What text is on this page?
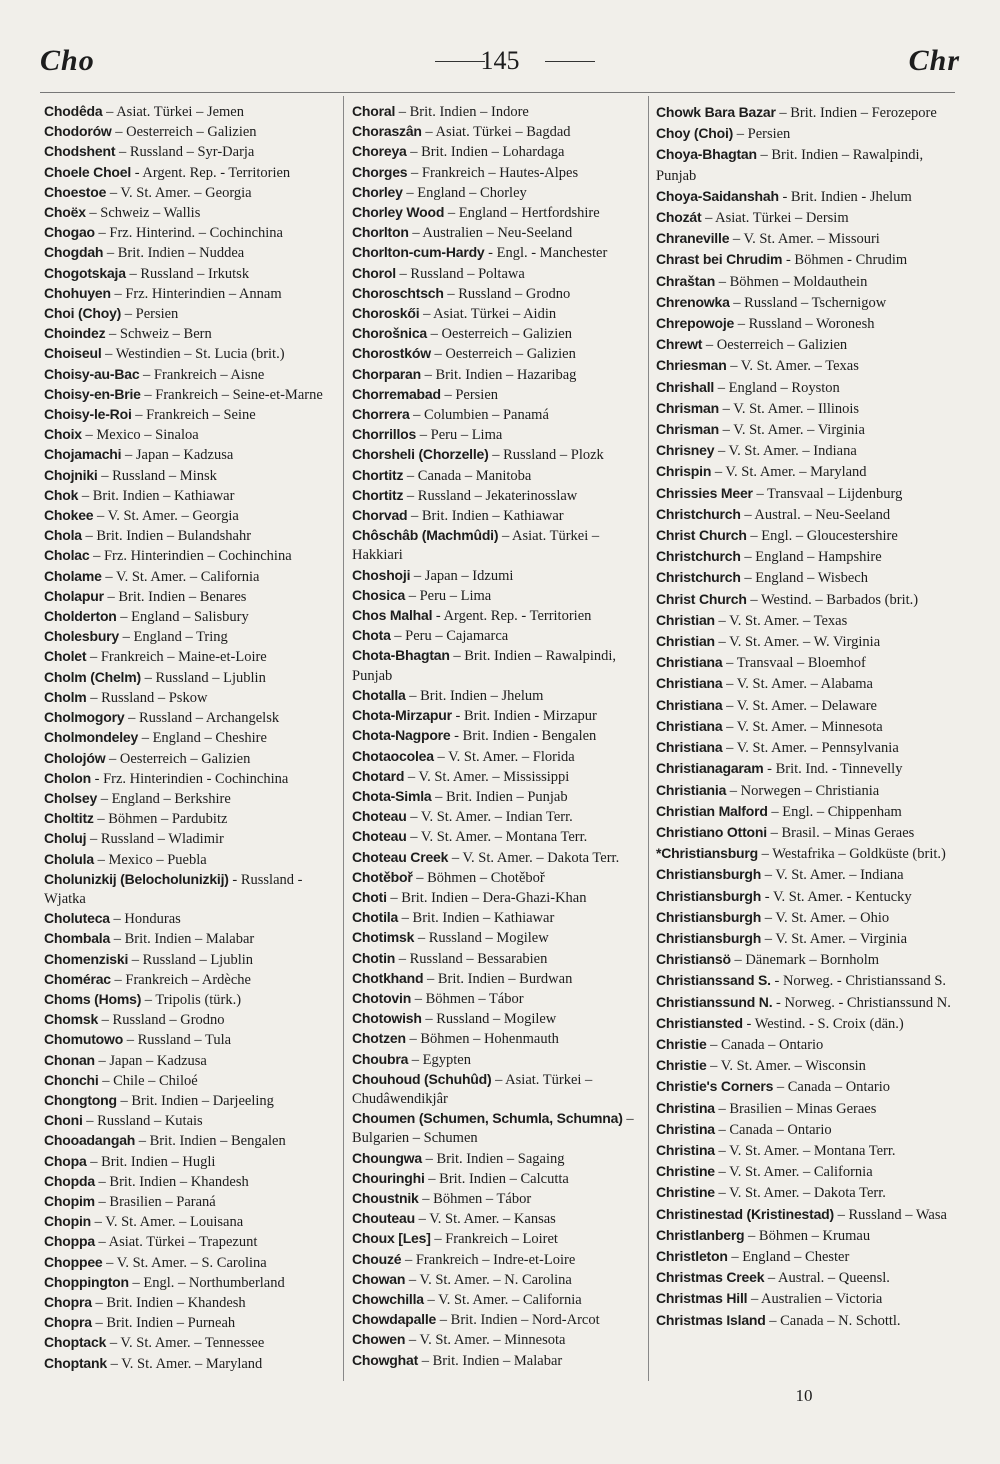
Cho	145	Chr
Chodêda – Asiat. Türkei – Jemen
Chodorów – Oesterreich – Galizien
Chodshent – Russland – Syr-Darja
Choele Choel - Argent. Rep. - Territorien
Choestoe – V. St. Amer. – Georgia
Choëx – Schweiz – Wallis
Chogao – Frz. Hinterind. – Cochinchina
Chogdah – Brit. Indien – Nuddea
Chogotskaja – Russland – Irkutsk
Chohuyen – Frz. Hinterindien – Annam
Choi (Choy) – Persien
Choindez – Schweiz – Bern
Choiseul – Westindien – St. Lucia (brit.)
Choisy-au-Bac – Frankreich – Aisne
Choisy-en-Brie – Frankreich – Seine-et-Marne
Choisy-le-Roi – Frankreich – Seine
Choix – Mexico – Sinaloa
Chojamachi – Japan – Kadzusa
Chojniki – Russland – Minsk
Chok – Brit. Indien – Kathiawar
Chokee – V. St. Amer. – Georgia
Chola – Brit. Indien – Bulandshahr
Cholac – Frz. Hinterindien – Cochinchina
Cholame – V. St. Amer. – California
Cholapur – Brit. Indien – Benares
Cholderton – England – Salisbury
Cholesbury – England – Tring
Cholet – Frankreich – Maine-et-Loire
Cholm (Chelm) – Russland – Ljublin
Cholm – Russland – Pskow
Cholmogory – Russland – Archangelsk
Cholmondeley – England – Cheshire
Cholojów – Oesterreich – Galizien
Cholon - Frz. Hinterindien - Cochinchina
Cholsey – England – Berkshire
Choltitz – Böhmen – Pardubitz
Choluj – Russland – Wladimir
Cholula – Mexico – Puebla
Cholunizkij (Belocholunizkij) - Russland - Wjatka
Choluteca – Honduras
Chombala – Brit. Indien – Malabar
Chomenziski – Russland – Ljublin
Chomérac – Frankreich – Ardèche
Choms (Homs) – Tripolis (türk.)
Chomsk – Russland – Grodno
Chomutowo – Russland – Tula
Chonan – Japan – Kadzusa
Chonchi – Chile – Chiloé
Chongtong – Brit. Indien – Darjeeling
Choni – Russland – Kutais
Chooadangah – Brit. Indien – Bengalen
Chopa – Brit. Indien – Hugli
Chopda – Brit. Indien – Khandesh
Chopim – Brasilien – Paraná
Chopin – V. St. Amer. – Louisana
Choppa – Asiat. Türkei – Trapezunt
Choppee – V. St. Amer. – S. Carolina
Choppington – Engl. – Northumberland
Chopra – Brit. Indien – Khandesh
Chopra – Brit. Indien – Purneah
Choptack – V. St. Amer. – Tennessee
Choptank – V. St. Amer. – Maryland
Choral – Brit. Indien – Indore
Choraszân – Asiat. Türkei – Bagdad
Choreya – Brit. Indien – Lohardaga
Chorges – Frankreich – Hautes-Alpes
Chorley – England – Chorley
Chorley Wood – England – Hertfordshire
Chorlton – Australien – Neu-Seeland
Chorlton-cum-Hardy - Engl. - Manchester
Chorol – Russland – Poltawa
Choroschtsch – Russland – Grodno
Choroskői – Asiat. Türkei – Aidin
Chorošnica – Oesterreich – Galizien
Chorostków – Oesterreich – Galizien
Chorparan – Brit. Indien – Hazaribag
Chorremabad – Persien
Chorrera – Columbien – Panamá
Chorrillos – Peru – Lima
Chorsheli (Chorzelle) – Russland – Plozk
Chortitz – Canada – Manitoba
Chortitz – Russland – Jekaterinosslaw
Chorvad – Brit. Indien – Kathiawar
Chôschâb (Machmûdi) – Asiat. Türkei – Hakkiari
Choshoji – Japan – Idzumi
Chosica – Peru – Lima
Chos Malhal - Argent. Rep. - Territorien
Chota – Peru – Cajamarca
Chota-Bhagtan – Brit. Indien – Rawalpindi, Punjab
Chotalla – Brit. Indien – Jhelum
Chota-Mirzapur - Brit. Indien - Mirzapur
Chota-Nagpore - Brit. Indien - Bengalen
Chotaocolea – V. St. Amer. – Florida
Chotard – V. St. Amer. – Mississippi
Chota-Simla – Brit. Indien – Punjab
Choteau – V. St. Amer. – Indian Terr.
Choteau – V. St. Amer. – Montana Terr.
Choteau Creek – V. St. Amer. – Dakota Terr.
Chotěboř – Böhmen – Chotěboř
Choti – Brit. Indien – Dera-Ghazi-Khan
Chotila – Brit. Indien – Kathiawar
Chotimsk – Russland – Mogilew
Chotin – Russland – Bessarabien
Chotkhand – Brit. Indien – Burdwan
Chotovin – Böhmen – Tábor
Chotowish – Russland – Mogilew
Chotzen – Böhmen – Hohenmauth
Choubra – Egypten
Chouhoud (Schuhûd) – Asiat. Türkei – Chudâwendikjâr
Choumen (Schumen, Schumla, Schumna) – Bulgarien – Schumen
Choungwa – Brit. Indien – Sagaing
Chouringhi – Brit. Indien – Calcutta
Choustnik – Böhmen – Tábor
Chouteau – V. St. Amer. – Kansas
Choux [Les] – Frankreich – Loiret
Chouzé – Frankreich – Indre-et-Loire
Chowan – V. St. Amer. – N. Carolina
Chowchilla – V. St. Amer. – California
Chowdapalle – Brit. Indien – Nord-Arcot
Chowen – V. St. Amer. – Minnesota
Chowghat – Brit. Indien – Malabar
Chowk Bara Bazar – Brit. Indien – Ferozepore
Choy (Choi) – Persien
Choya-Bhagtan – Brit. Indien – Rawalpindi, Punjab
Choya-Saidanshah - Brit. Indien - Jhelum
Chozát – Asiat. Türkei – Dersim
Chraneville – V. St. Amer. – Missouri
Chrast bei Chrudim - Böhmen - Chrudim
Chraštan – Böhmen – Moldauthein
Chrenowka – Russland – Tschernigow
Chrepowoje – Russland – Woronesh
Chrewt – Oesterreich – Galizien
Chriesman – V. St. Amer. – Texas
Chrishall – England – Royston
Chrisman – V. St. Amer. – Illinois
Chrisman – V. St. Amer. – Virginia
Chrisney – V. St. Amer. – Indiana
Chrispin – V. St. Amer. – Maryland
Chrissies Meer – Transvaal – Lijdenburg
Christchurch – Austral. – Neu-Seeland
Christ Church – Engl. – Gloucestershire
Christchurch – England – Hampshire
Christchurch – England – Wisbech
Christ Church – Westind. – Barbados (brit.)
Christian – V. St. Amer. – Texas
Christian – V. St. Amer. – W. Virginia
Christiana – Transvaal – Bloemhof
Christiana – V. St. Amer. – Alabama
Christiana – V. St. Amer. – Delaware
Christiana – V. St. Amer. – Minnesota
Christiana – V. St. Amer. – Pennsylvania
Christianagaram - Brit. Ind. - Tinnevelly
Christiania – Norwegen – Christiania
Christian Malford – Engl. – Chippenham
Christiano Ottoni – Brasil. – Minas Geraes
*Christiansburg – Westafrika – Goldküste (brit.)
Christiansburgh – V. St. Amer. – Indiana
Christiansburgh - V. St. Amer. - Kentucky
Christiansburgh – V. St. Amer. – Ohio
Christiansburgh – V. St. Amer. – Virginia
Christiansö – Dänemark – Bornholm
Christianssand S. - Norweg. - Christianssand S.
Christianssund N. - Norweg. - Christianssund N.
Christiansted - Westind. - S. Croix (dän.)
Christie – Canada – Ontario
Christie – V. St. Amer. – Wisconsin
Christie's Corners – Canada – Ontario
Christina – Brasilien – Minas Geraes
Christina – Canada – Ontario
Christina – V. St. Amer. – Montana Terr.
Christine – V. St. Amer. – California
Christine – V. St. Amer. – Dakota Terr.
Christinestad (Kristinestad) – Russland – Wasa
Christlanberg – Böhmen – Krumau
Christleton – England – Chester
Christmas Creek – Austral. – Queensl.
Christmas Hill – Australien – Victoria
Christmas Island – Canada – N. Schottl.
10
